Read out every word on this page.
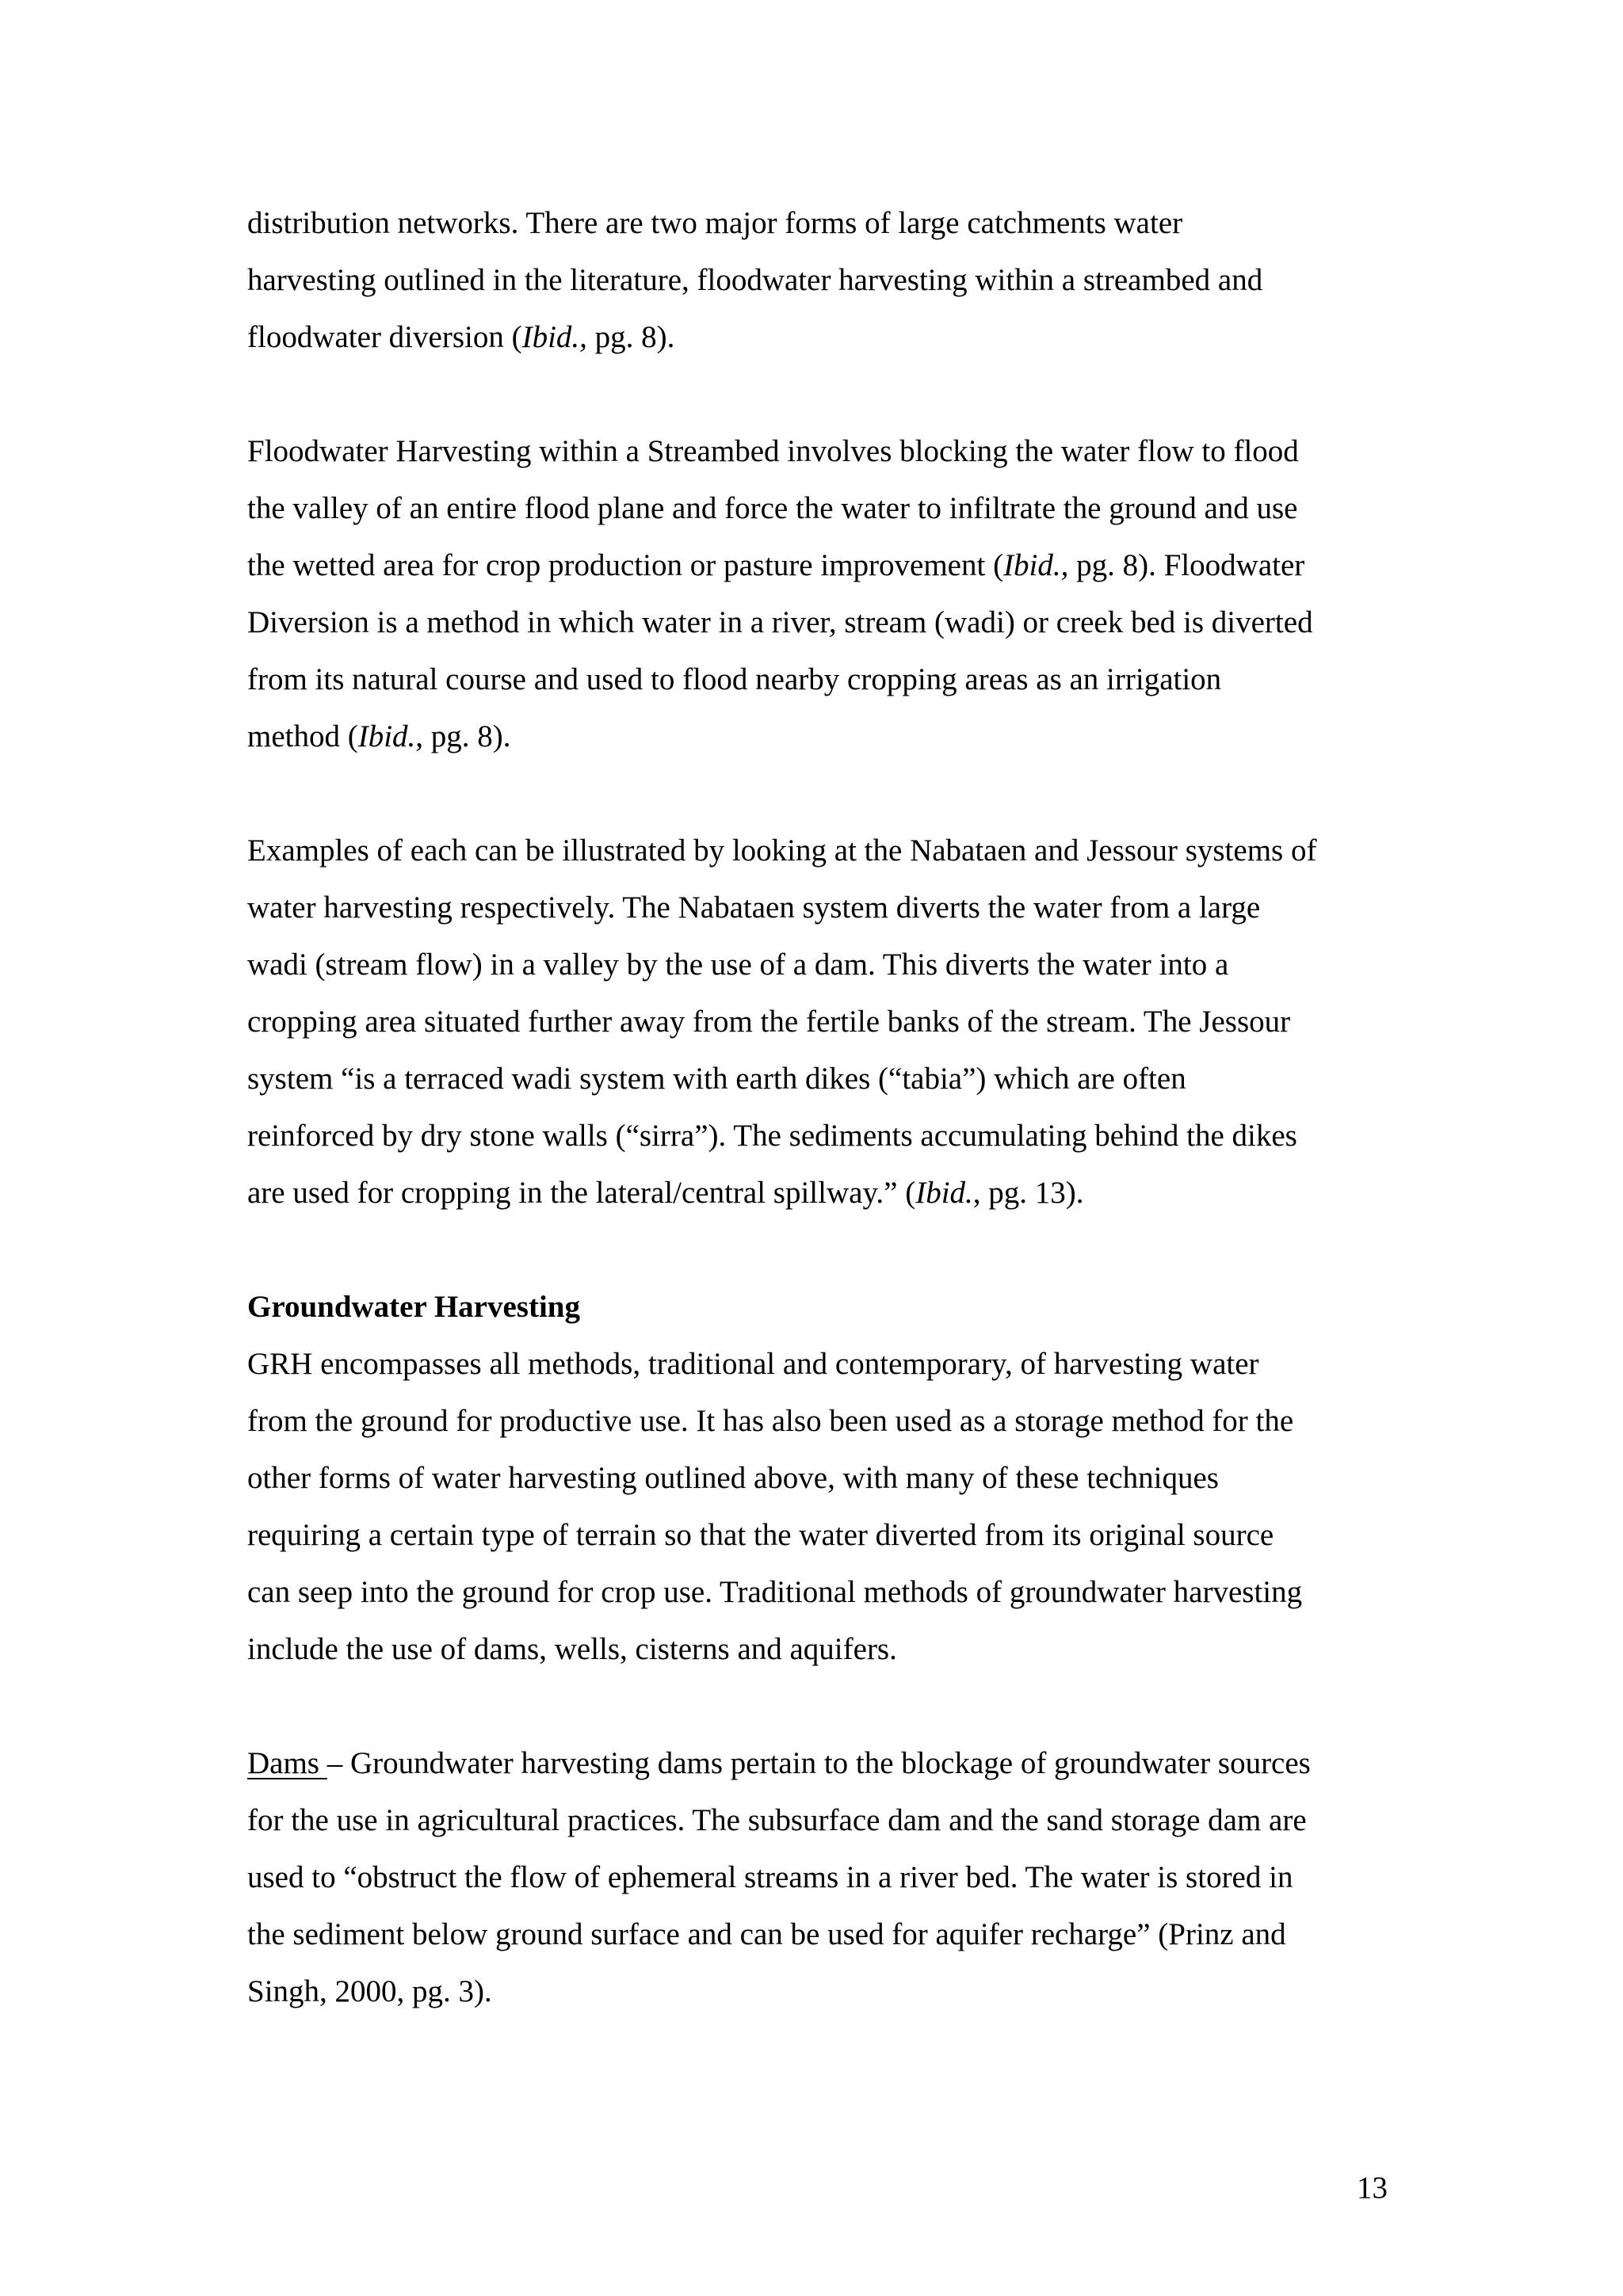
distribution networks. There are two major forms of large catchments water
harvesting outlined in the literature, floodwater harvesting within a streambed and
floodwater diversion (Ibid., pg. 8).

Floodwater Harvesting within a Streambed involves blocking the water flow to flood
the valley of an entire flood plane and force the water to infiltrate the ground and use
the wetted area for crop production or pasture improvement (Ibid., pg. 8). Floodwater
Diversion is a method in which water in a river, stream (wadi) or creek bed is diverted
from its natural course and used to flood nearby cropping areas as an irrigation
method (Ibid., pg. 8).

Examples of each can be illustrated by looking at the Nabataen and Jessour systems of
water harvesting respectively. The Nabataen system diverts the water from a large
wadi (stream flow) in a valley by the use of a dam. This diverts the water into a
cropping area situated further away from the fertile banks of the stream. The Jessour
system “is a terraced wadi system with earth dikes (“tabia”) which are often
reinforced by dry stone walls (“sirra”). The sediments accumulating behind the dikes
are used for cropping in the lateral/central spillway.” (Ibid., pg. 13).

Groundwater Harvesting

GRH encompasses all methods, traditional and contemporary, of harvesting water
from the ground for productive use. It has also been used as a storage method for the
other forms of water harvesting outlined above, with many of these techniques
requiring a certain type of terrain so that the water diverted from its original source
can seep into the ground for crop use. Traditional methods of groundwater harvesting
include the use of dams, wells, cisterns and aquifers.

Dams – Groundwater harvesting dams pertain to the blockage of groundwater sources
for the use in agricultural practices. The subsurface dam and the sand storage dam are
used to “obstruct the flow of ephemeral streams in a river bed. The water is stored in
the sediment below ground surface and can be used for aquifer recharge” (Prinz and
Singh, 2000, pg. 3).

13
